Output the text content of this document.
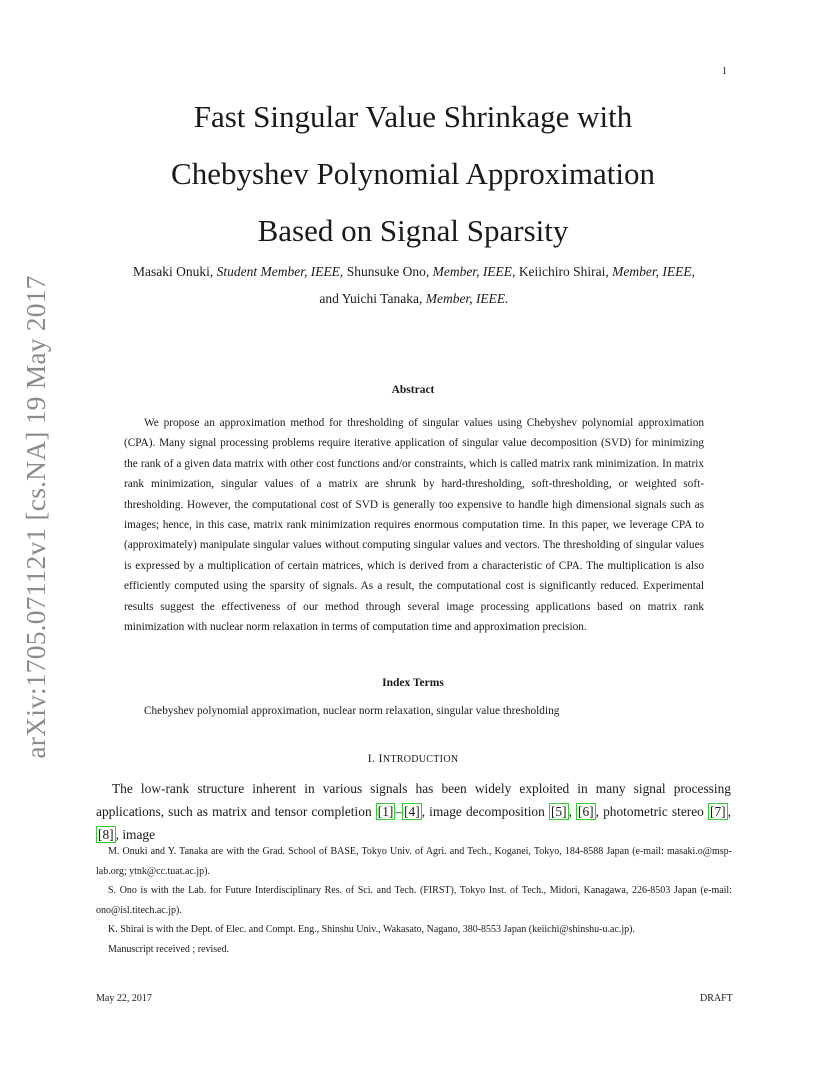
1
arXiv:1705.07112v1 [cs.NA] 19 May 2017
Fast Singular Value Shrinkage with
Chebyshev Polynomial Approximation
Based on Signal Sparsity
Masaki Onuki, Student Member, IEEE, Shunsuke Ono, Member, IEEE, Keiichiro Shirai, Member, IEEE,
and Yuichi Tanaka, Member, IEEE.
Abstract

We propose an approximation method for thresholding of singular values using Chebyshev polynomial approximation (CPA). Many signal processing problems require iterative application of singular value decomposition (SVD) for minimizing the rank of a given data matrix with other cost functions and/or constraints, which is called matrix rank minimization. In matrix rank minimization, singular values of a matrix are shrunk by hard-thresholding, soft-thresholding, or weighted soft-thresholding. However, the computational cost of SVD is generally too expensive to handle high dimensional signals such as images; hence, in this case, matrix rank minimization requires enormous computation time. In this paper, we leverage CPA to (approximately) manipulate singular values without computing singular values and vectors. The thresholding of singular values is expressed by a multiplication of certain matrices, which is derived from a characteristic of CPA. The multiplication is also efficiently computed using the sparsity of signals. As a result, the computational cost is significantly reduced. Experimental results suggest the effectiveness of our method through several image processing applications based on matrix rank minimization with nuclear norm relaxation in terms of computation time and approximation precision.

Index Terms

Chebyshev polynomial approximation, nuclear norm relaxation, singular value thresholding

I. INTRODUCTION

The low-rank structure inherent in various signals has been widely exploited in many signal processing applications, such as matrix and tensor completion [1] – [4] , image decomposition [5] , [6] , photometric stereo [7] , [8] , image

M. Onuki and Y. Tanaka are with the Grad. School of BASE, Tokyo Univ. of Agri. and Tech., Koganei, Tokyo, 184-8588 Japan (e-mail: masaki.o@msp-lab.org; ytnk@cc.tuat.ac.jp).

S. Ono is with the Lab. for Future Interdisciplinary Res. of Sci. and Tech. (FIRST), Tokyo Inst. of Tech., Midori, Kanagawa, 226-8503 Japan (e-mail: ono@isl.titech.ac.jp).

K. Shirai is with the Dept. of Elec. and Compt. Eng., Shinshu Univ., Wakasato, Nagano, 380-8553 Japan (keiichi@shinshu-u.ac.jp).

Manuscript received ; revised.

May 22, 2017	DRAFT
